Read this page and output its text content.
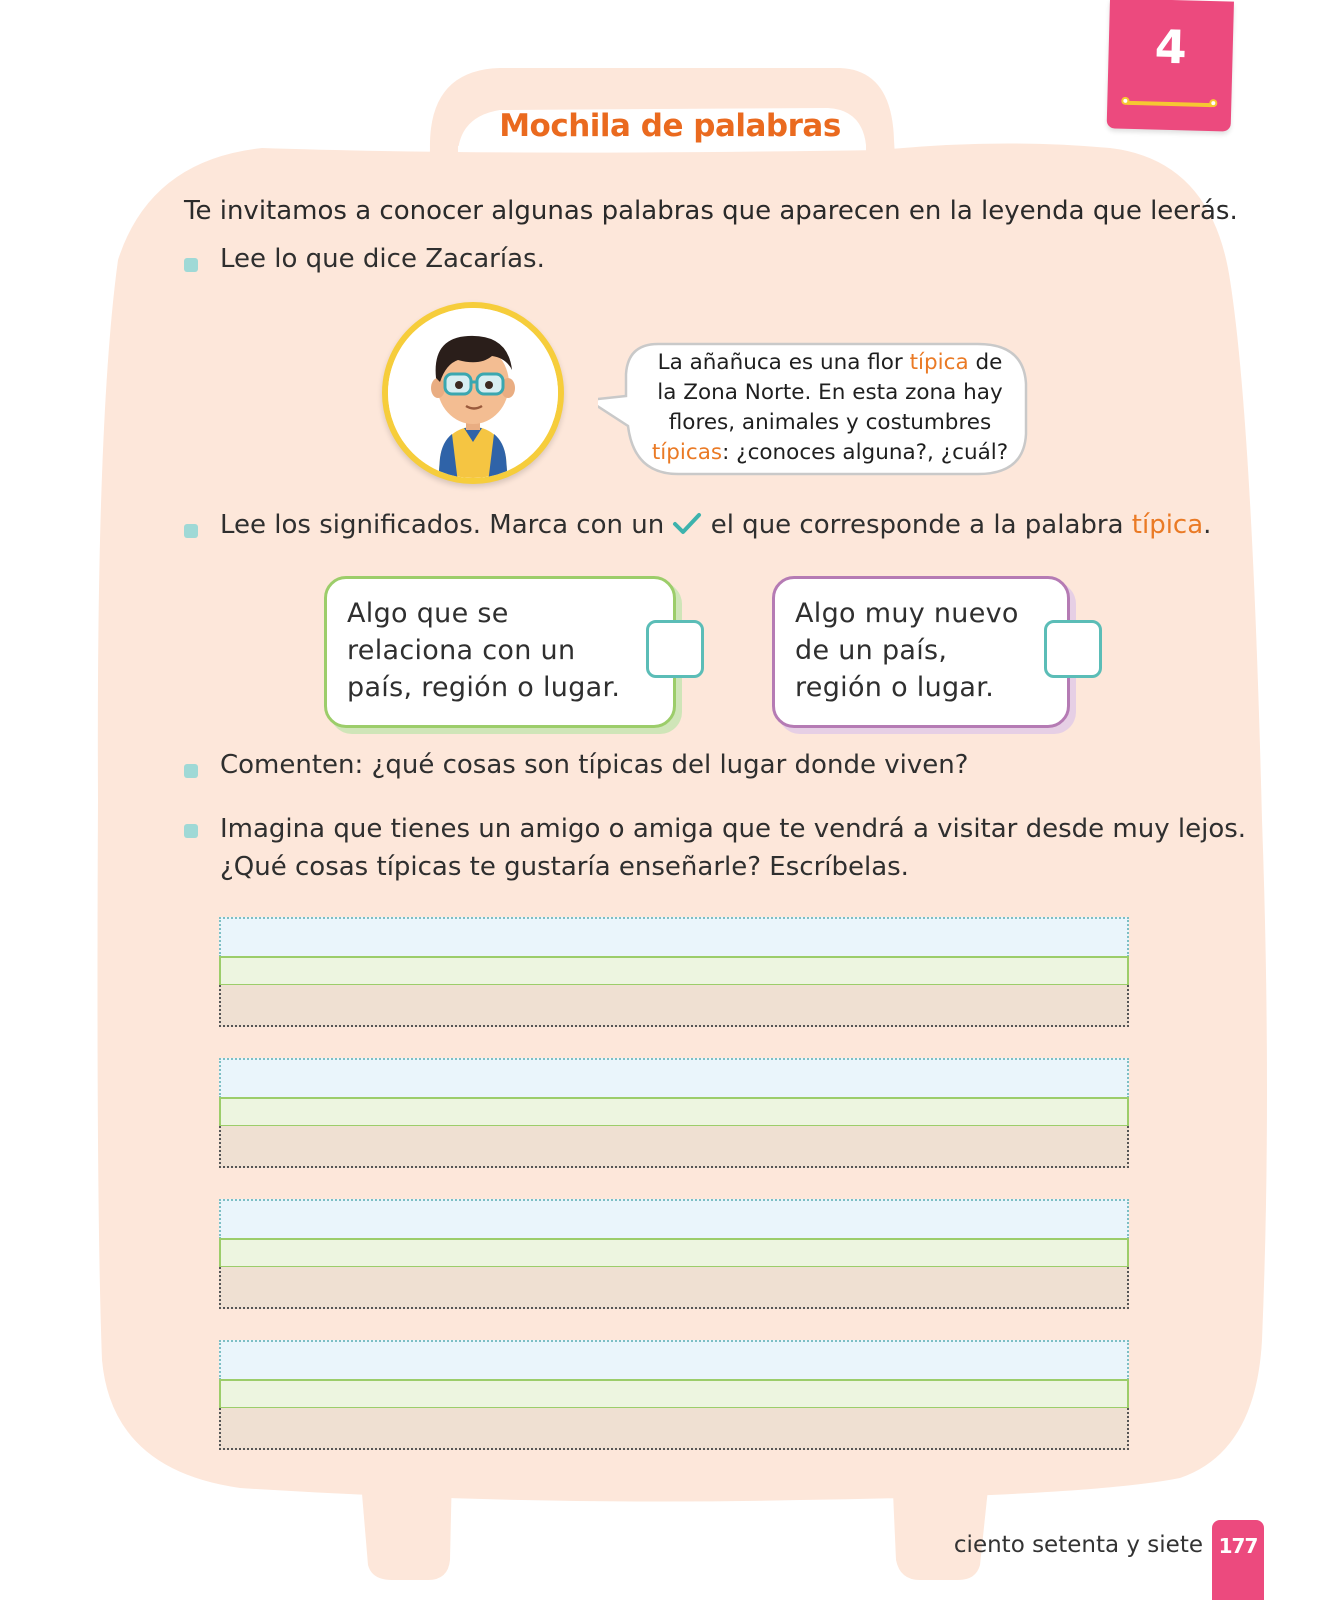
4
Mochila de palabras
Te invitamos a conocer algunas palabras que aparecen en la leyenda que leerás.
Lee lo que dice Zacarías.
La añañuca es una flor típica de
la Zona Norte. En esta zona hay
flores, animales y costumbres
típicas: ¿conoces alguna?, ¿cuál?
Lee los significados. Marca con un  el que corresponde a la palabra típica.
Algo que se
relaciona con un
país, región o lugar.
Algo muy nuevo
de un país,
región o lugar.
Comenten: ¿qué cosas son típicas del lugar donde viven?
Imagina que tienes un amigo o amiga que te vendrá a visitar desde muy lejos.
¿Qué cosas típicas te gustaría enseñarle? Escríbelas.
ciento setenta y siete 177
